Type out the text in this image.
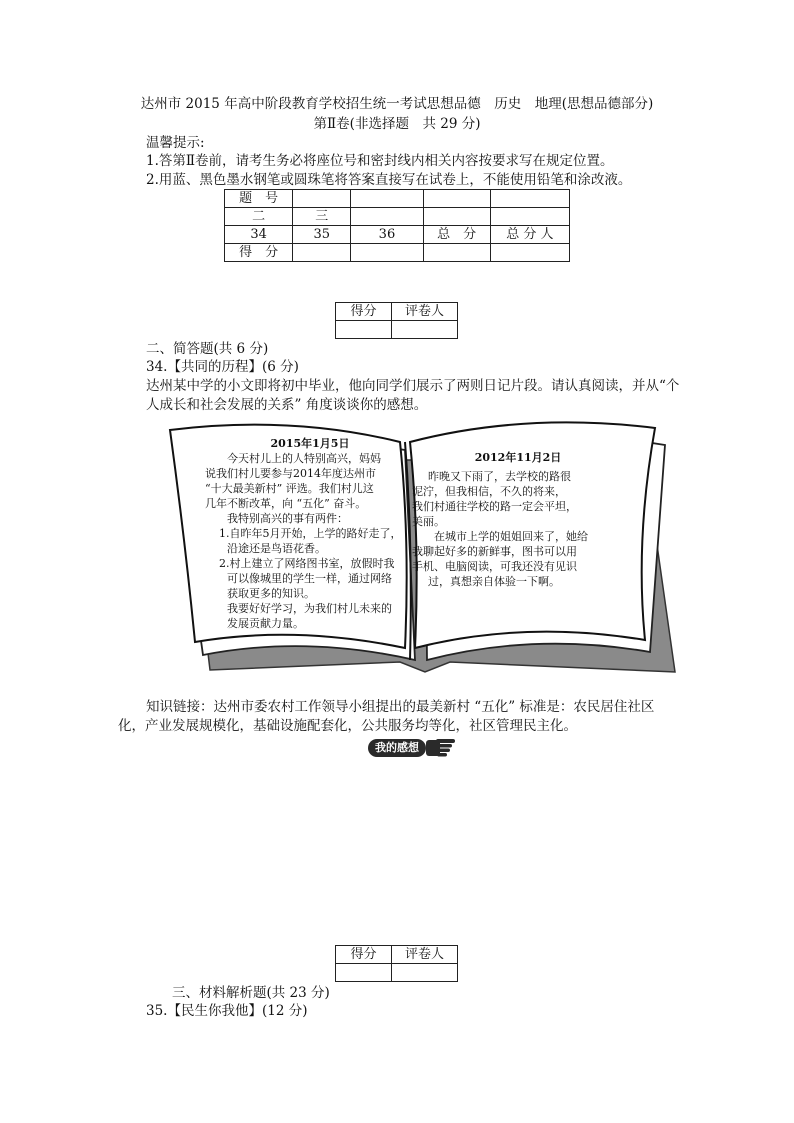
达州市 2015 年高中阶段教育学校招生统一考试思想品德　历史　地理(思想品德部分)
第Ⅱ卷(非选择题　共 29 分)
温馨提示:
1.答第Ⅱ卷前，请考生务必将座位号和密封线内相关内容按要求写在规定位置。
2.用蓝、黑色墨水钢笔或圆珠笔将答案直接写在试卷上，不能使用铅笔和涂改液。
题　号				
二	三			
34	35	36	总　分	总 分 人
得　分				
得分	评卷人

二、简答题(共 6 分)
34.【共同的历程】(6 分)
达州某中学的小文即将初中毕业，他向同学们展示了两则日记片段。请认真阅读，并从“个
人成长和社会发展的关系” 角度谈谈你的感想。
2015年1月5日
今天村儿上的人特别高兴，妈妈
说我们村儿要参与2014年度达州市
“十大最美新村” 评选。我们村儿这
几年不断改革，向 “五化” 奋斗。
我特别高兴的事有两件：
1.自昨年5月开始，上学的路好走了，
沿途还是鸟语花香。
2.村上建立了网络图书室，放假时我
可以像城里的学生一样，通过网络
获取更多的知识。
我要好好学习，为我们村儿未来的
发展贡献力量。
2012年11月2日
昨晚又下雨了，去学校的路很
泥泞，但我相信，不久的将来，
我们村通往学校的路一定会平坦，
美丽。
在城市上学的姐姐回来了，她给
我聊起好多的新鲜事，图书可以用
手机、电脑阅读，可我还没有见识
过，真想亲自体验一下啊。
知识链接：达州市委农村工作领导小组提出的最美新村 “五化” 标准是：农民居住社区
化，产业发展规模化，基础设施配套化，公共服务均等化，社区管理民主化。
我的感想
得分	评卷人

三、材料解析题(共 23 分)
35.【民生你我他】(12 分)
